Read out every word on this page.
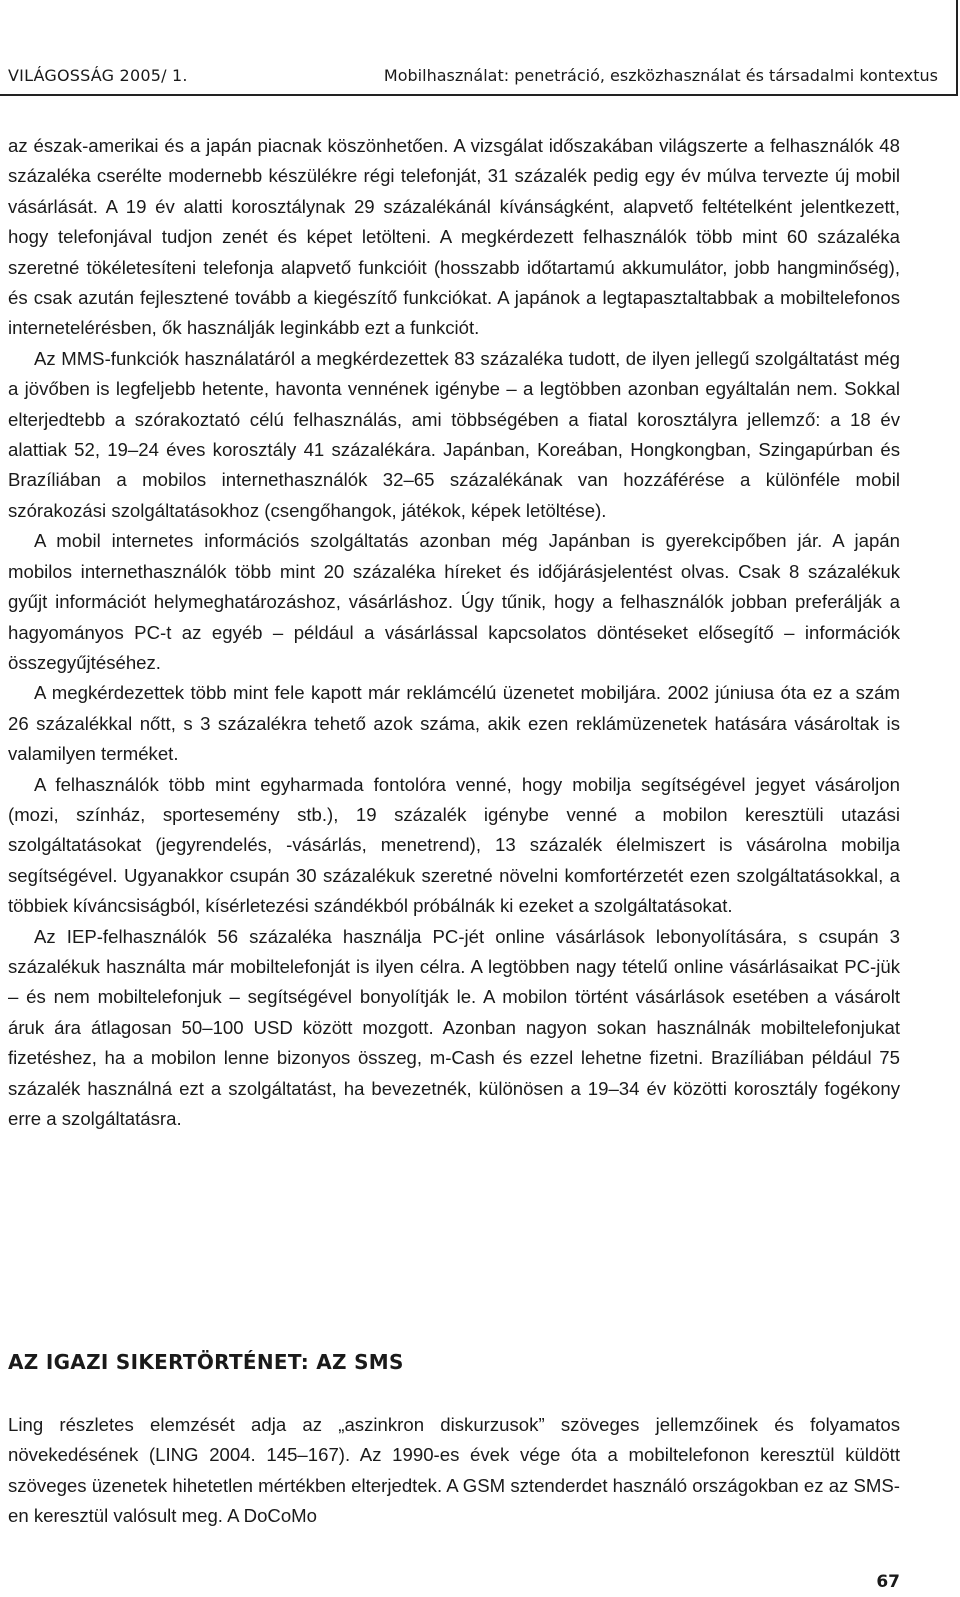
VILÁGOSSÁG 2005/ 1.	Mobilhasználat: penetráció, eszközhasználat és társadalmi kontextus

az észak-amerikai és a japán piacnak köszönhetően. A vizsgálat időszakában világszerte a felhasználók 48 százaléka cserélte modernebb készülékre régi telefonját, 31 százalék pedig egy év múlva tervezte új mobil vásárlását. A 19 év alatti korosztálynak 29 százalékánál kívánságként, alapvető feltételként jelentkezett, hogy telefonjával tudjon zenét és képet letölteni. A megkérdezett felhasználók több mint 60 százaléka szeretné tökéletesíteni telefonja alapvető funkcióit (hosszabb időtartamú akkumulátor, jobb hangminőség), és csak azután fejlesztené tovább a kiegészítő funkciókat. A japánok a legtapasztaltabbak a mobiltelefonos internetelérésben, ők használják leginkább ezt a funkciót.

Az MMS-funkciók használatáról a megkérdezettek 83 százaléka tudott, de ilyen jellegű szolgáltatást még a jövőben is legfeljebb hetente, havonta vennének igénybe – a legtöbben azonban egyáltalán nem. Sokkal elterjedtebb a szórakoztató célú felhasználás, ami többségében a fiatal korosztályra jellemző: a 18 év alattiak 52, 19–24 éves korosztály 41 százalékára. Japánban, Koreában, Hongkongban, Szingapúrban és Brazíliában a mobilos internethasználók 32–65 százalékának van hozzáférése a különféle mobil szórakozási szolgáltatásokhoz (csengőhangok, játékok, képek letöltése).

A mobil internetes információs szolgáltatás azonban még Japánban is gyerekcipőben jár. A japán mobilos internethasználók több mint 20 százaléka híreket és időjárásjelentést olvas. Csak 8 százalékuk gyűjt információt helymeghatározáshoz, vásárláshoz. Úgy tűnik, hogy a felhasználók jobban preferálják a hagyományos PC-t az egyéb – például a vásárlással kapcsolatos döntéseket elősegítő – információk összegyűjtéséhez.

A megkérdezettek több mint fele kapott már reklámcélú üzenetet mobiljára. 2002 júniusa óta ez a szám 26 százalékkal nőtt, s 3 százalékra tehető azok száma, akik ezen reklámüzenetek hatására vásároltak is valamilyen terméket.

A felhasználók több mint egyharmada fontolóra venné, hogy mobilja segítségével jegyet vásároljon (mozi, színház, sportesemény stb.), 19 százalék igénybe venné a mobilon keresztüli utazási szolgáltatásokat (jegyrendelés, -vásárlás, menetrend), 13 százalék élelmiszert is vásárolna mobilja segítségével. Ugyanakkor csupán 30 százalékuk szeretné növelni komfortérzetét ezen szolgáltatásokkal, a többiek kíváncsiságból, kísérletezési szándékból próbálnák ki ezeket a szolgáltatásokat.

Az IEP-felhasználók 56 százaléka használja PC-jét online vásárlások lebonyolítására, s csupán 3 százalékuk használta már mobiltelefonját is ilyen célra. A legtöbben nagy tételű online vásárlásaikat PC-jük – és nem mobiltelefonjuk – segítségével bonyolítják le. A mobilon történt vásárlások esetében a vásárolt áruk ára átlagosan 50–100 USD között mozgott. Azonban nagyon sokan használnák mobiltelefonjukat fizetéshez, ha a mobilon lenne bizonyos összeg, m-Cash és ezzel lehetne fizetni. Brazíliában például 75 százalék használná ezt a szolgáltatást, ha bevezetnék, különösen a 19–34 év közötti korosztály fogékony erre a szolgáltatásra.

AZ IGAZI SIKERTÖRTÉNET: AZ SMS

Ling részletes elemzését adja az „aszinkron diskurzusok” szöveges jellemzőinek és folyamatos növekedésének (LING 2004. 145–167). Az 1990-es évek vége óta a mobiltelefonon keresztül küldött szöveges üzenetek hihetetlen mértékben elterjedtek. A GSM sztenderdet használó országokban ez az SMS-en keresztül valósult meg. A DoCoMo

67
